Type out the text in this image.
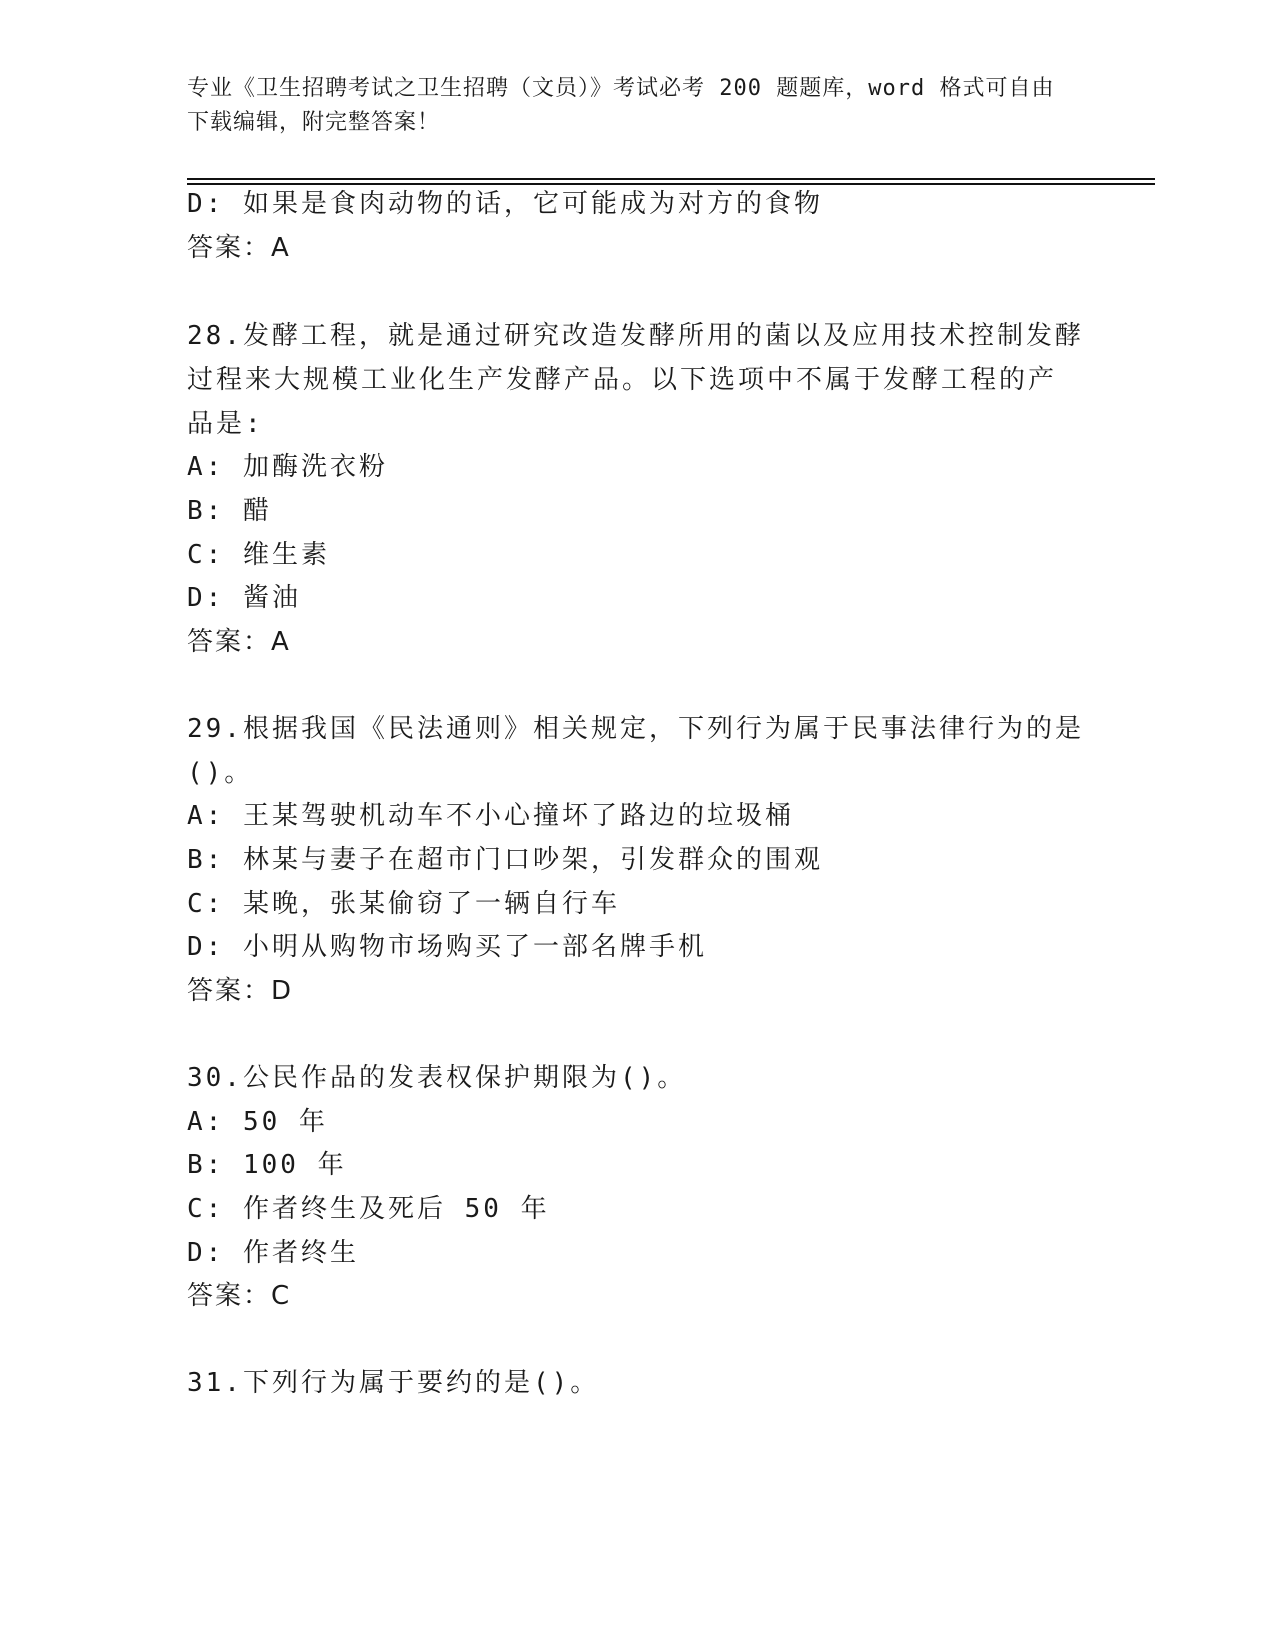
专业《卫生招聘考试之卫生招聘（文员）》考试必考 200 题题库，word 格式可自由下载编辑，附完整答案！
D: 如果是食肉动物的话，它可能成为对方的食物
答案：A
28.发酵工程，就是通过研究改造发酵所用的菌以及应用技术控制发酵
过程来大规模工业化生产发酵产品。以下选项中不属于发酵工程的产
品是:
A: 加酶洗衣粉
B: 醋
C: 维生素
D: 酱油
答案：A
29.根据我国《民法通则》相关规定，下列行为属于民事法律行为的是
()。
A: 王某驾驶机动车不小心撞坏了路边的垃圾桶
B: 林某与妻子在超市门口吵架，引发群众的围观
C: 某晚，张某偷窃了一辆自行车
D: 小明从购物市场购买了一部名牌手机
答案：D
30.公民作品的发表权保护期限为()。
A: 50 年
B: 100 年
C: 作者终生及死后 50 年
D: 作者终生
答案：C
31.下列行为属于要约的是()。
